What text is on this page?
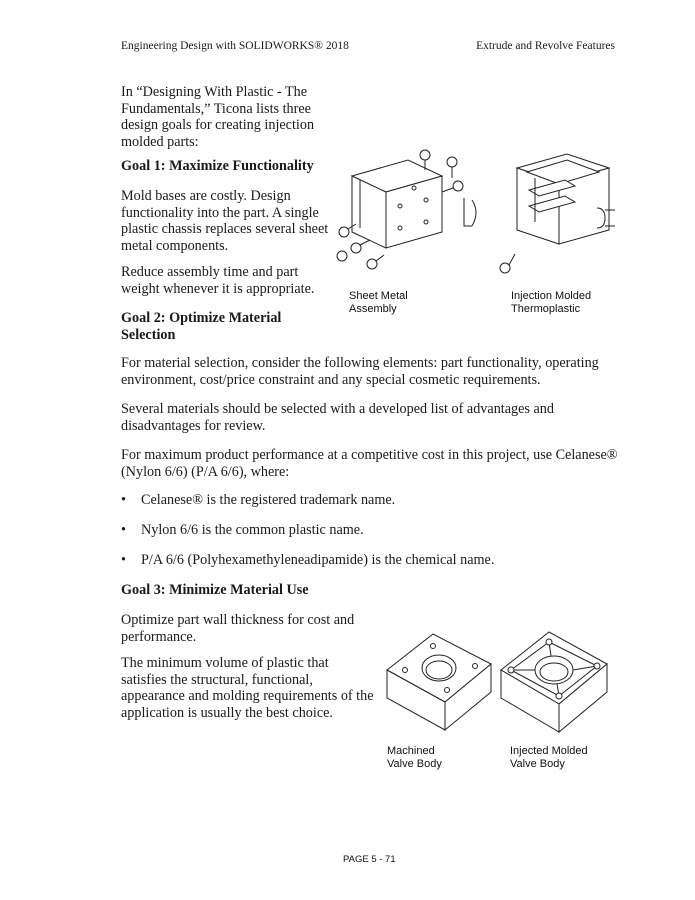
Engineering Design with SOLIDWORKS® 2018	Extrude and Revolve Features

In “Designing With Plastic - The

Fundamentals,” Ticona lists three

design goals for creating injection

molded parts:

Goal 1: Maximize Functionality

Mold bases are costly. Design

functionality into the part. A single

plastic chassis replaces several sheet

metal components.

Reduce assembly time and part

weight whenever it is appropriate.	Sheet Metal
Assembly
Injection Molded
Thermoplastic

Goal 2: Optimize Material

Selection

For material selection, consider the following elements: part functionality, operating

environment, cost/price constraint and any special cosmetic requirements.

Several materials should be selected with a developed list of advantages and

disadvantages for review.

For maximum product performance at a competitive cost in this project, use Celanese®

(Nylon 6/6) (P/A 6/6), where:

• Celanese® is the registered trademark name.
• Nylon 6/6 is the common plastic name.
• P/A 6/6 (Polyhexamethyleneadipamide) is the chemical name.
Goal 3: Minimize Material Use

Optimize part wall thickness for cost and

performance.

The minimum volume of plastic that

satisfies the structural, functional,

appearance and molding requirements of the

application is usually the best choice.

Machined
Valve Body
Injected Molded
Valve Body
PAGE 5 - 71
